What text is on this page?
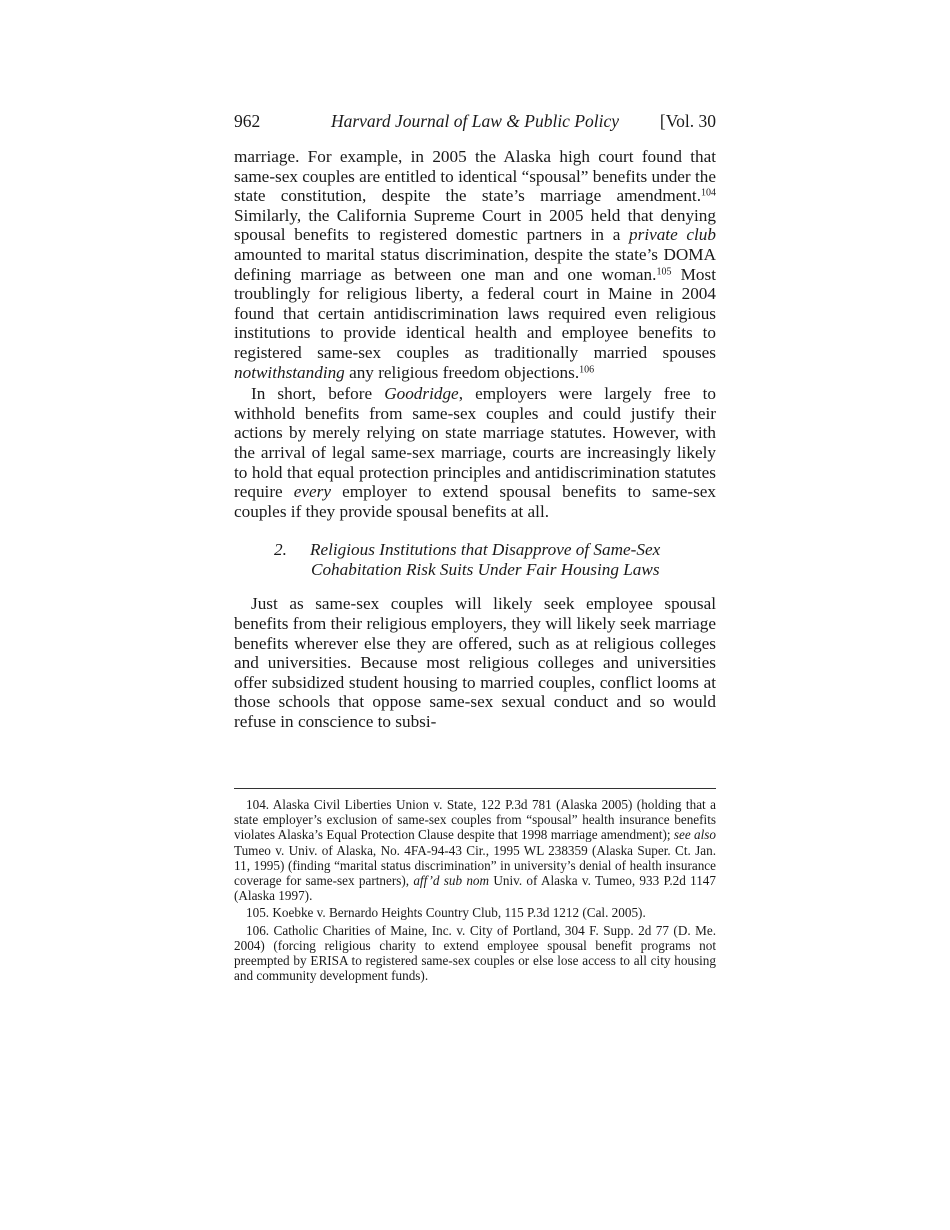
962	Harvard Journal of Law & Public Policy	[Vol. 30

marriage. For example, in 2005 the Alaska high court found that same-sex couples are entitled to identical “spousal” benefits under the state constitution, despite the state’s marriage amendment.$^{104}$ Similarly, the California Supreme Court in 2005 held that denying spousal benefits to registered domestic partners in a private club amounted to marital status discrimination, despite the state’s DOMA defining marriage as between one man and one woman.$^{105}$ Most troublingly for religious liberty, a federal court in Maine in 2004 found that certain antidiscrimination laws required even religious institutions to provide identical health and employee benefits to registered same-sex couples as traditionally married spouses notwithstanding any religious freedom objections.$^{106}$

In short, before Goodridge, employers were largely free to withhold benefits from same-sex couples and could justify their actions by merely relying on state marriage statutes. However, with the arrival of legal same-sex marriage, courts are increasingly likely to hold that equal protection principles and antidiscrimination statutes require every employer to extend spousal benefits to same-sex couples if they provide spousal benefits at all.

2. Religious Institutions that Disapprove of Same-Sex
Cohabitation Risk Suits Under Fair Housing Laws

Just as same-sex couples will likely seek employee spousal benefits from their religious employers, they will likely seek marriage benefits wherever else they are offered, such as at religious colleges and universities. Because most religious colleges and universities offer subsidized student housing to married couples, conflict looms at those schools that oppose same-sex sexual conduct and so would refuse in conscience to subsi-

104. Alaska Civil Liberties Union v. State, 122 P.3d 781 (Alaska 2005) (holding that a state employer’s exclusion of same-sex couples from “spousal” health insurance benefits violates Alaska’s Equal Protection Clause despite that 1998 marriage amendment); see also Tumeo v. Univ. of Alaska, No. 4FA-94-43 Cir., 1995 WL 238359 (Alaska Super. Ct. Jan. 11, 1995) (finding “marital status discrimination” in university’s denial of health insurance coverage for same-sex partners), aff’d sub nom Univ. of Alaska v. Tumeo, 933 P.2d 1147 (Alaska 1997).

105. Koebke v. Bernardo Heights Country Club, 115 P.3d 1212 (Cal. 2005).

106. Catholic Charities of Maine, Inc. v. City of Portland, 304 F. Supp. 2d 77 (D. Me. 2004) (forcing religious charity to extend employee spousal benefit programs not preempted by ERISA to registered same-sex couples or else lose access to all city housing and community development funds).
